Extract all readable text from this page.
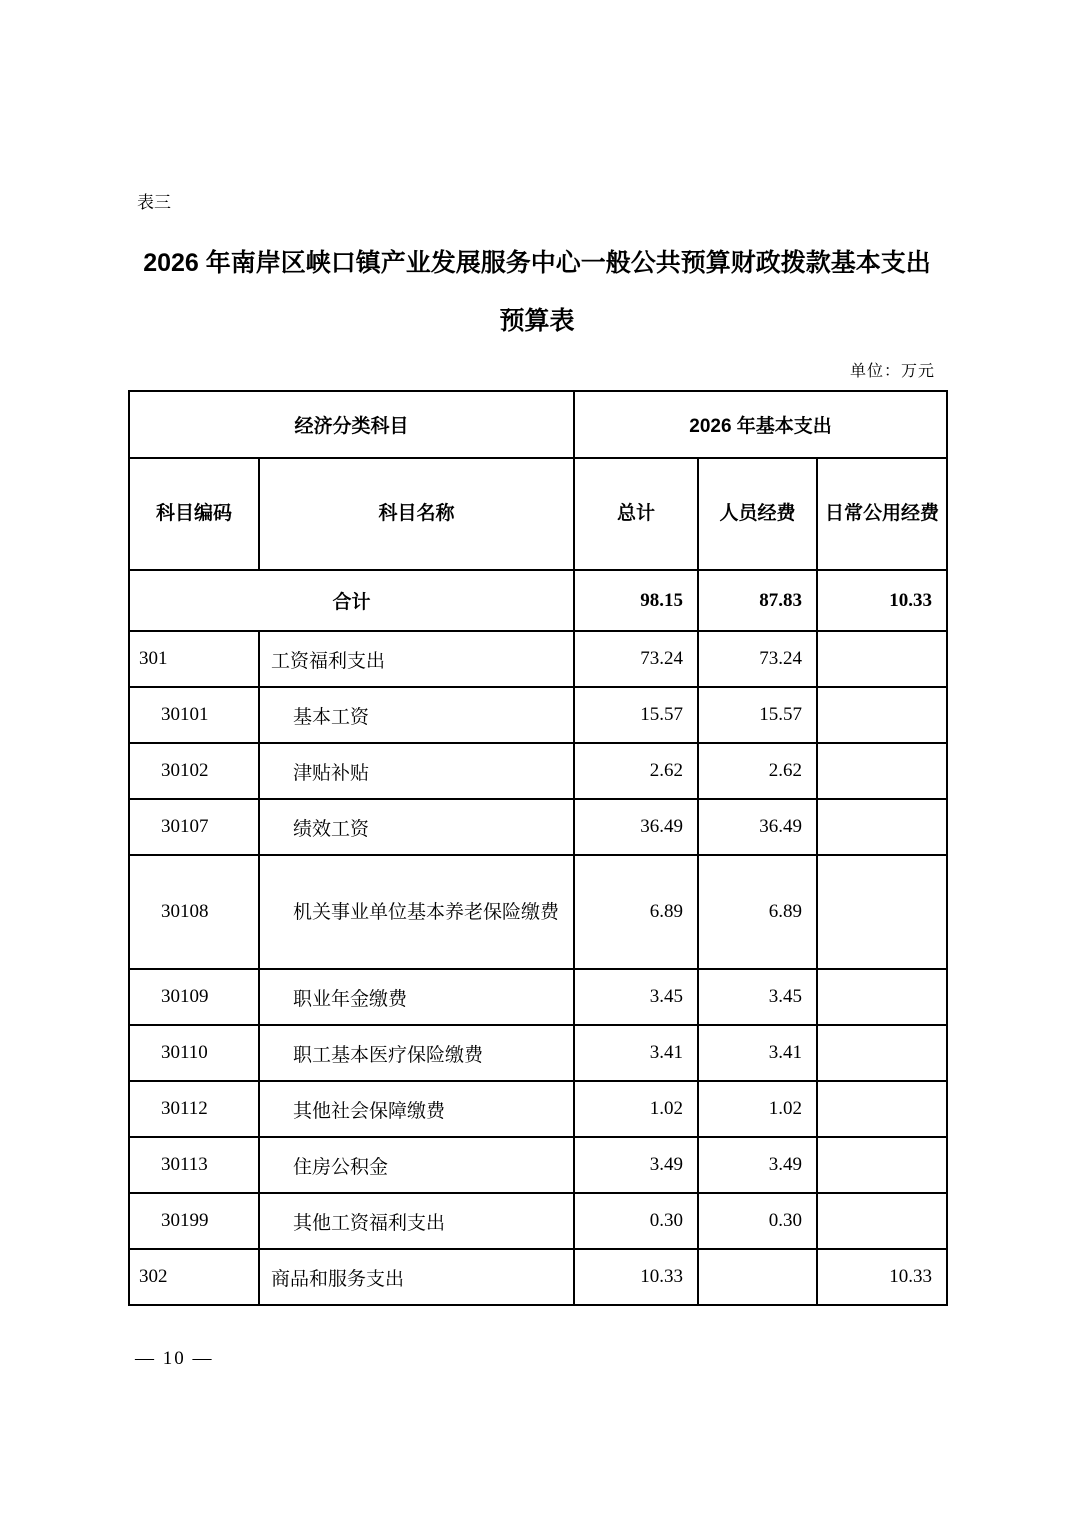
表三
2026 年南岸区峡口镇产业发展服务中心一般公共预算财政拨款基本支出
预算表
单位：万元
经济分类科目		2026 年基本支出		
科目编码	科目名称	总计	人员经费	日常公用经费
合计		98.15	87.83	10.33
301	工资福利支出	73.24	73.24	
30101	基本工资	15.57	15.57	
30102	津贴补贴	2.62	2.62	
30107	绩效工资	36.49	36.49	
30108	机关事业单位基本养老保险缴费	6.89	6.89	
30109	职业年金缴费	3.45	3.45	
30110	职工基本医疗保险缴费	3.41	3.41	
30112	其他社会保障缴费	1.02	1.02	
30113	住房公积金	3.49	3.49	
30199	其他工资福利支出	0.30	0.30	
302	商品和服务支出	10.33		10.33
— 10 —
